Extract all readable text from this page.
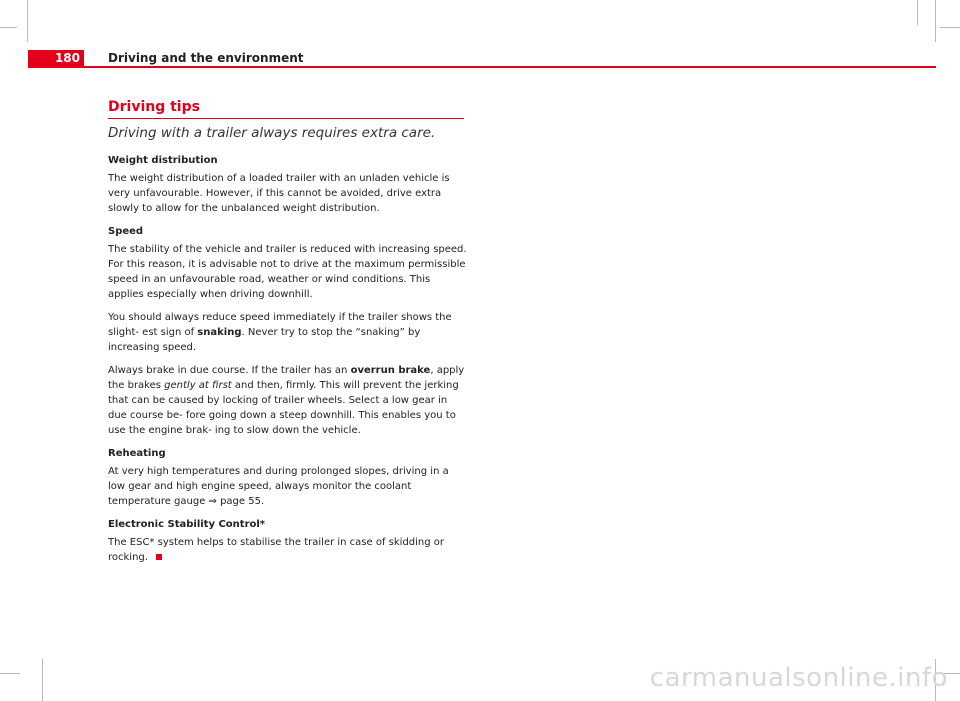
180	Driving and the environment
Driving tips
Driving with a trailer always requires extra care.
Weight distribution

The weight distribution of a loaded trailer with an unladen vehicle is very unfavourable. However, if this cannot be avoided, drive extra slowly to allow for the unbalanced weight distribution.

Speed

The stability of the vehicle and trailer is reduced with increasing speed. For this reason, it is advisable not to drive at the maximum permissible speed in an unfavourable road, weather or wind conditions. This applies especially when driving downhill.

You should always reduce speed immediately if the trailer shows the slight- est sign of snaking. Never try to stop the “snaking” by increasing speed.

Always brake in due course. If the trailer has an overrun brake, apply the brakes gently at first and then, firmly. This will prevent the jerking that can be caused by locking of trailer wheels. Select a low gear in due course be- fore going down a steep downhill. This enables you to use the engine brak- ing to slow down the vehicle.

Reheating

At very high temperatures and during prolonged slopes, driving in a low gear and high engine speed, always monitor the coolant temperature gauge ⇒ page 55.

Electronic Stability Control*

The ESC* system helps to stabilise the trailer in case of skidding or rocking.

carmanualsonline.info
